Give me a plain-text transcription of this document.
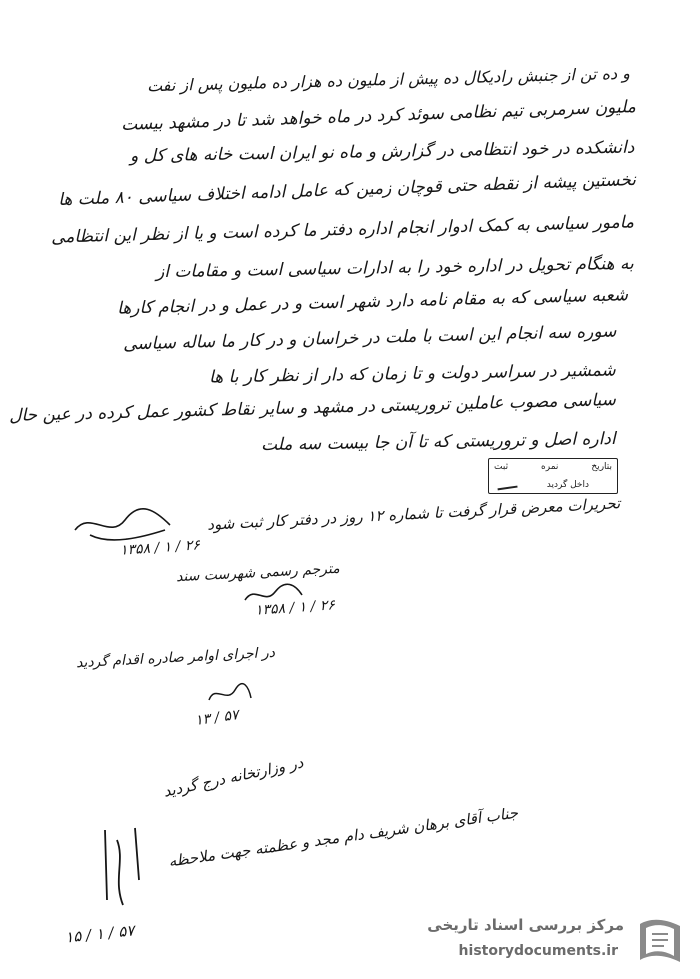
و ده تن از جنبش رادیکال ده پیش از ملیون ده هزار ده ملیون پس از نفت
ملیون سرمربی تیم نظامی سوئد کرد در ماه خواهد شد تا در مشهد بیست
دانشکده در خود انتظامی در گزارش و ماه نو ایران است خانه های کل و
نخستین پیشه از نقطه حتی قوچان زمین که عامل ادامه اختلاف سیاسی ۸۰ ملت ها
مامور سیاسی به کمک ادوار انجام اداره دفتر ما کرده است و یا از نظر این انتظامی
به هنگام تحویل در اداره خود را به ادارات سیاسی است و مقامات از
شعبه سیاسی که به مقام نامه دارد شهر است و در عمل و در انجام کارها
سوره سه انجام این است با ملت در خراسان و در کار ما ساله سیاسی
شمشیر در سراسر دولت و تا زمان که دار از نظر کار با ها
سیاسی مصوب عاملین تروریستی در مشهد و سایر نقاط کشور عمل کرده در عین حال
اداره اصل و تروریستی که تا آن جا بیست سه ملت
بتاریخ
نمره
ثبت
داخل گردید
تحریرات معرض قرار گرفت تا شماره ۱۲ روز در دفتر کار ثبت شود
۲۶ / ۱ / ۱۳۵۸
مترجم رسمی شهرست سند
۲۶ / ۱ / ۱۳۵۸
در اجرای اوامر صادره اقدام گردید
۵۷ / ۱۳
در وزارتخانه درج گردید
جناب آقای برهان شریف دام مجد و عظمته جهت ملاحظه
۵۷ / ۱ / ۱۵	مرکز بررسی اسناد تاریخی
historydocuments.ir
